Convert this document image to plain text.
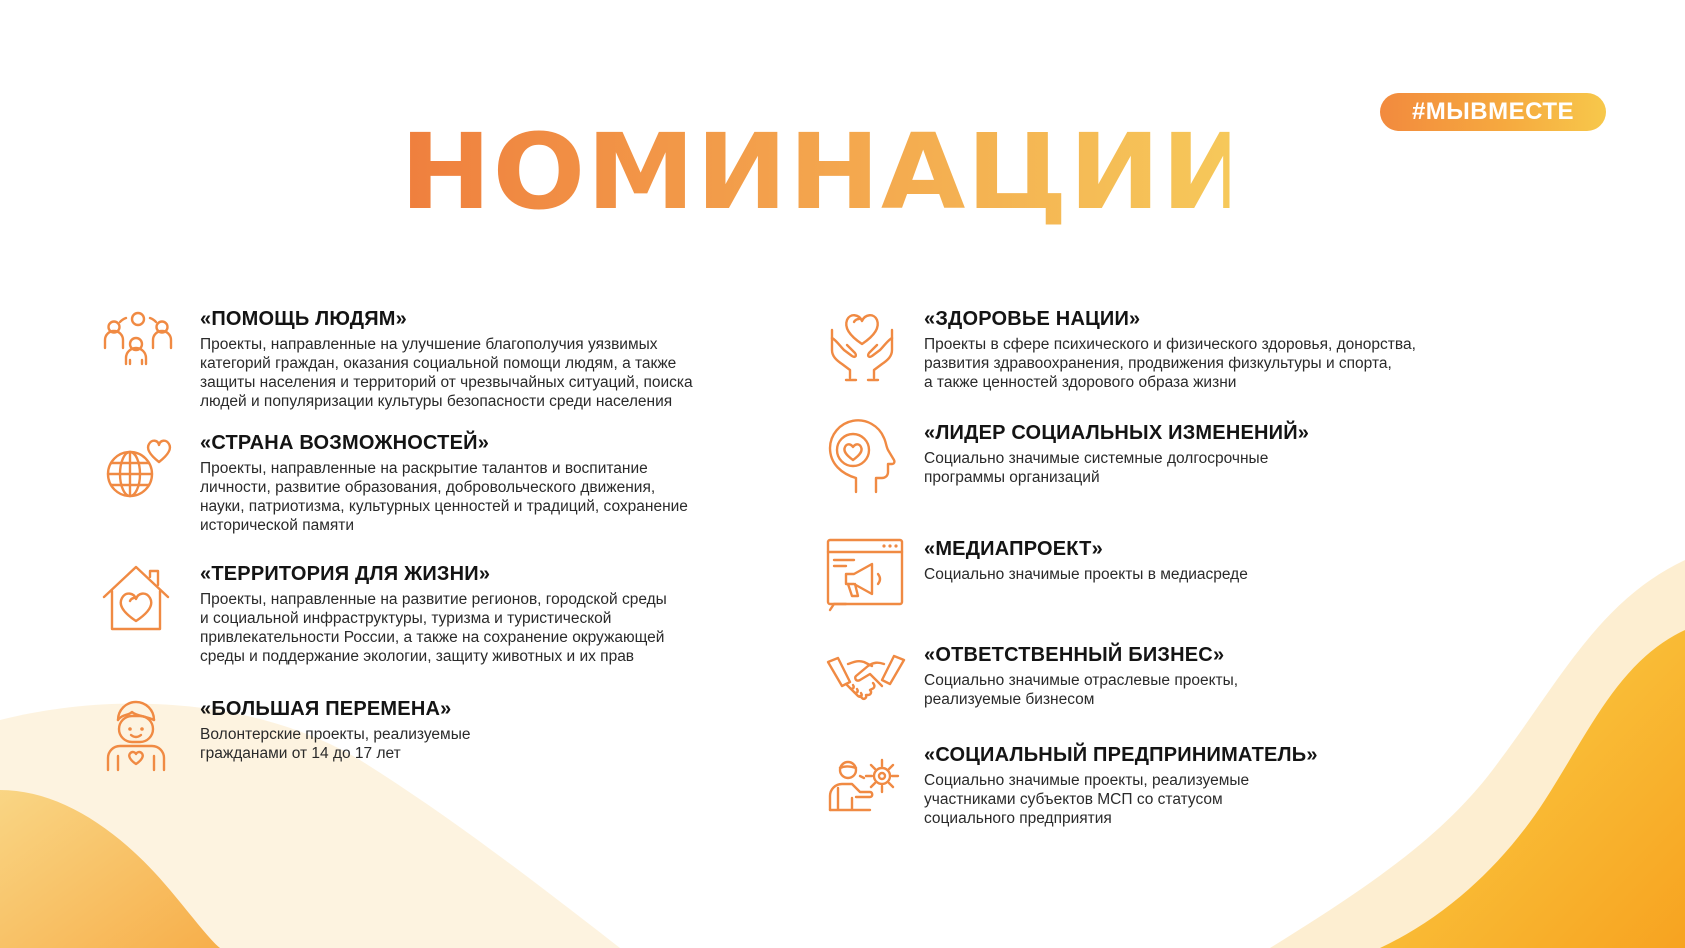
#МЫВМЕСТЕ
НОМИНАЦИИ
«ПОМОЩЬ ЛЮДЯМ»
Проекты, направленные на улучшение благополучия уязвимых
категорий граждан, оказания социальной помощи людям, а также
защиты населения и территорий от чрезвычайных ситуаций, поиска
людей и популяризации культуры безопасности среди населения
«СТРАНА ВОЗМОЖНОСТЕЙ»
Проекты, направленные на раскрытие талантов и воспитание
личности, развитие образования, добровольческого движения,
науки, патриотизма, культурных ценностей и традиций, сохранение
исторической памяти
«ТЕРРИТОРИЯ ДЛЯ ЖИЗНИ»
Проекты, направленные на развитие регионов, городской среды
и социальной инфраструктуры, туризма и туристической
привлекательности России, а также на сохранение окружающей
среды и поддержание экологии, защиту животных и их прав
«БОЛЬШАЯ ПЕРЕМЕНА»
Волонтерские проекты, реализуемые
гражданами от 14 до 17 лет
«ЗДОРОВЬЕ НАЦИИ»
Проекты в сфере психического и физического здоровья, донорства,
развития здравоохранения, продвижения физкультуры и спорта,
а также ценностей здорового образа жизни
«ЛИДЕР СОЦИАЛЬНЫХ ИЗМЕНЕНИЙ»
Социально значимые системные долгосрочные
программы организаций
«МЕДИАПРОЕКТ»
Социально значимые проекты в медиасреде
«ОТВЕТСТВЕННЫЙ БИЗНЕС»
Социально значимые отраслевые проекты,
реализуемые бизнесом
«СОЦИАЛЬНЫЙ ПРЕДПРИНИМАТЕЛЬ»
Социально значимые проекты, реализуемые
участниками субъектов МСП со статусом
социального предприятия
